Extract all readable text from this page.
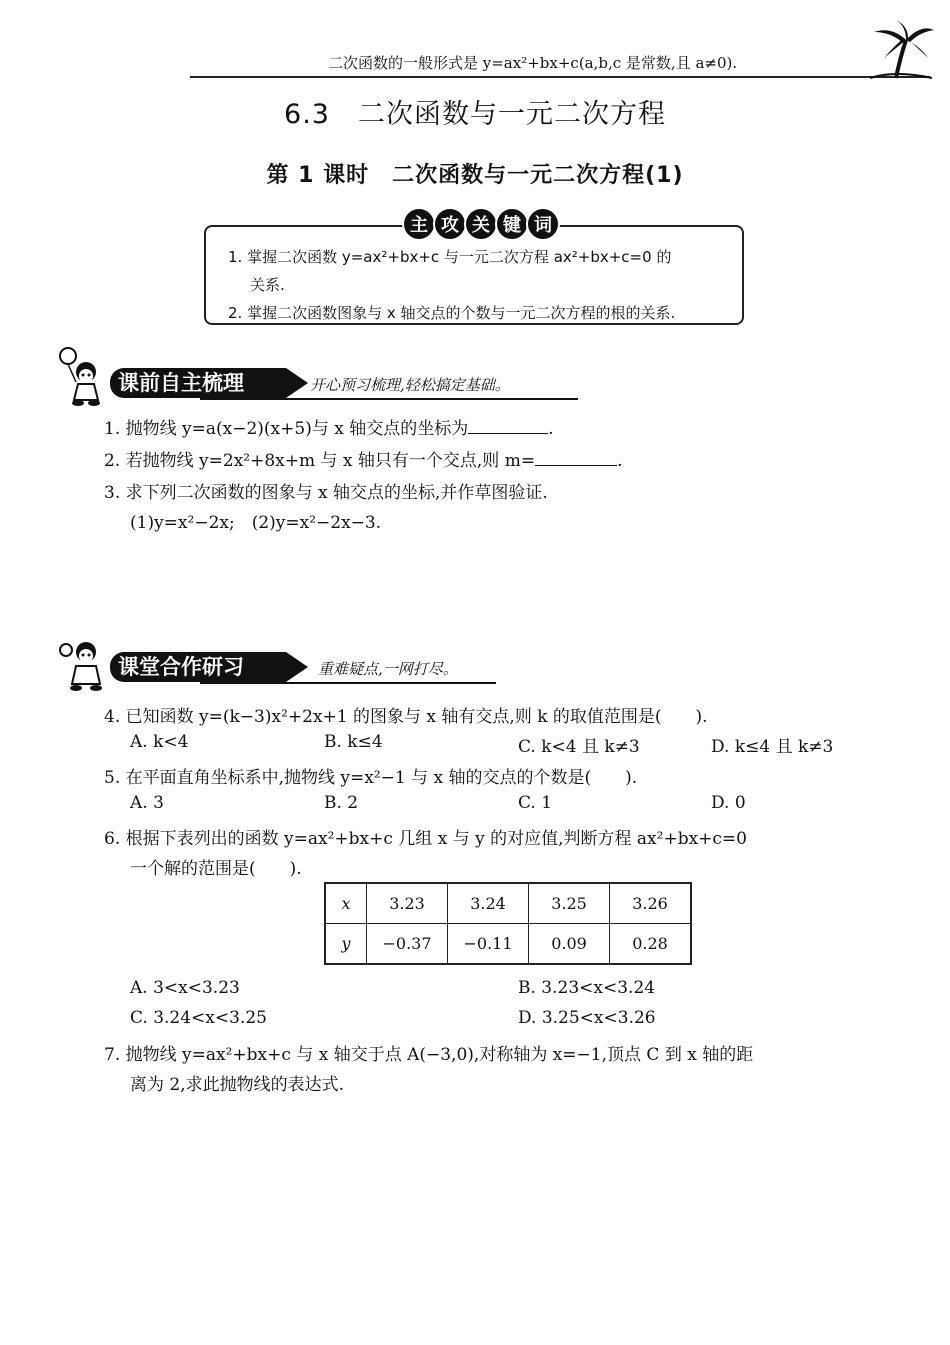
二次函数的一般形式是 y=ax²+bx+c(a,b,c 是常数,且 a≠0).
6.3　二次函数与一元二次方程
第 1 课时　二次函数与一元二次方程(1)
主 攻 关 键 词
1. 掌握二次函数 y=ax²+bx+c 与一元二次方程 ax²+bx+c=0 的
关系.
2. 掌握二次函数图象与 x 轴交点的个数与一元二次方程的根的关系.
课前自主梳理	开心预习梳理,轻松搞定基础。
1. 抛物线 y=a(x−2)(x+5)与 x 轴交点的坐标为	.
2. 若抛物线 y=2x²+8x+m 与 x 轴只有一个交点,则 m=	.
3. 求下列二次函数的图象与 x 轴交点的坐标,并作草图验证.
(1)y=x²−2x;　(2)y=x²−2x−3.
课堂合作研习	重难疑点,一网打尽。
4. 已知函数 y=(k−3)x²+2x+1 的图象与 x 轴有交点,则 k 的取值范围是(　　).
A. k<4	B. k≤4	C. k<4 且 k≠3	D. k≤4 且 k≠3
5. 在平面直角坐标系中,抛物线 y=x²−1 与 x 轴的交点的个数是(　　).
A. 3	B. 2	C. 1	D. 0
6. 根据下表列出的函数 y=ax²+bx+c 几组 x 与 y 的对应值,判断方程 ax²+bx+c=0
一个解的范围是(　　).
x	3.23	3.24	3.25	3.26
y	−0.37	−0.11	0.09	0.28
A. 3<x<3.23	B. 3.23<x<3.24
C. 3.24<x<3.25	D. 3.25<x<3.26
7. 抛物线 y=ax²+bx+c 与 x 轴交于点 A(−3,0),对称轴为 x=−1,顶点 C 到 x 轴的距
离为 2,求此抛物线的表达式.
